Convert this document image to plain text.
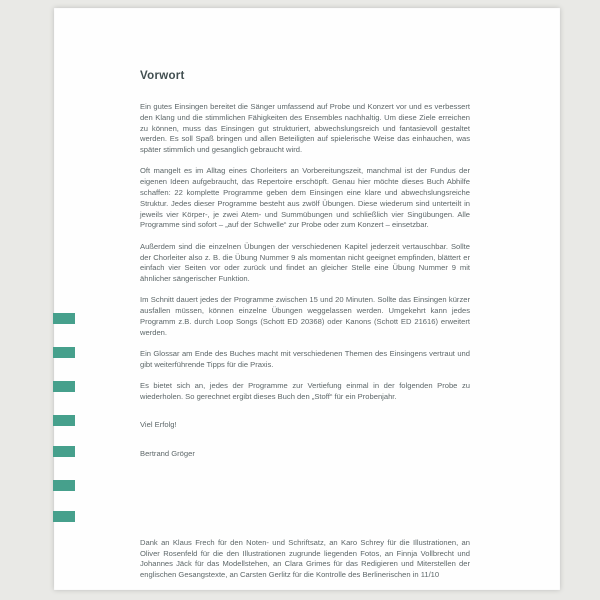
Vorwort

Ein gutes Einsingen bereitet die Sänger umfassend auf Probe und Konzert vor und es verbessert den Klang und die stimmlichen Fähigkeiten des Ensembles nachhaltig. Um diese Ziele erreichen zu können, muss das Einsingen gut strukturiert, abwechslungsreich und fantasievoll gestaltet werden. Es soll Spaß bringen und allen Beteiligten auf spielerische Weise das einhauchen, was später stimmlich und gesanglich gebraucht wird.

Oft mangelt es im Alltag eines Chorleiters an Vorbereitungszeit, manchmal ist der Fundus der eigenen Ideen aufgebraucht, das Repertoire erschöpft. Genau hier möchte dieses Buch Abhilfe schaffen: 22 komplette Programme geben dem Einsingen eine klare und abwechslungsreiche Struktur. Jedes dieser Programme besteht aus zwölf Übungen. Diese wiederum sind unterteilt in jeweils vier Körper-, je zwei Atem- und Summübungen und schließlich vier Singübungen. Alle Programme sind sofort – „auf der Schwelle“ zur Probe oder zum Konzert – einsetzbar.

Außerdem sind die einzelnen Übungen der verschiedenen Kapitel jederzeit vertauschbar. Sollte der Chorleiter also z. B. die Übung Nummer 9 als momentan nicht geeignet empfinden, blättert er einfach vier Seiten vor oder zurück und findet an gleicher Stelle eine Übung Nummer 9 mit ähnlicher sängerischer Funktion.

Im Schnitt dauert jedes der Programme zwischen 15 und 20 Minuten. Sollte das Einsingen kürzer ausfallen müssen, können einzelne Übungen weggelassen werden. Umgekehrt kann jedes Programm z.B. durch Loop Songs (Schott ED 20368) oder Kanons (Schott ED 21616) erweitert werden.

Ein Glossar am Ende des Buches macht mit verschiedenen Themen des Einsingens vertraut und gibt weiterführende Tipps für die Praxis.

Es bietet sich an, jedes der Programme zur Vertiefung einmal in der folgenden Probe zu wiederholen. So gerechnet ergibt dieses Buch den „Stoff“ für ein Probenjahr.

Viel Erfolg!
Bertrand Gröger
Dank an Klaus Frech für den Noten- und Schriftsatz, an Karo Schrey für die Illustrationen, an Oliver Rosenfeld für die den Illustrationen zugrunde liegenden Fotos, an Finnja Vollbrecht und Johannes Jäck für das Modellstehen, an Clara Grimes für das Redigieren und Miterstellen der englischen Gesangstexte, an Carsten Gerlitz für die Kontrolle des Berlinerischen in 11/10
